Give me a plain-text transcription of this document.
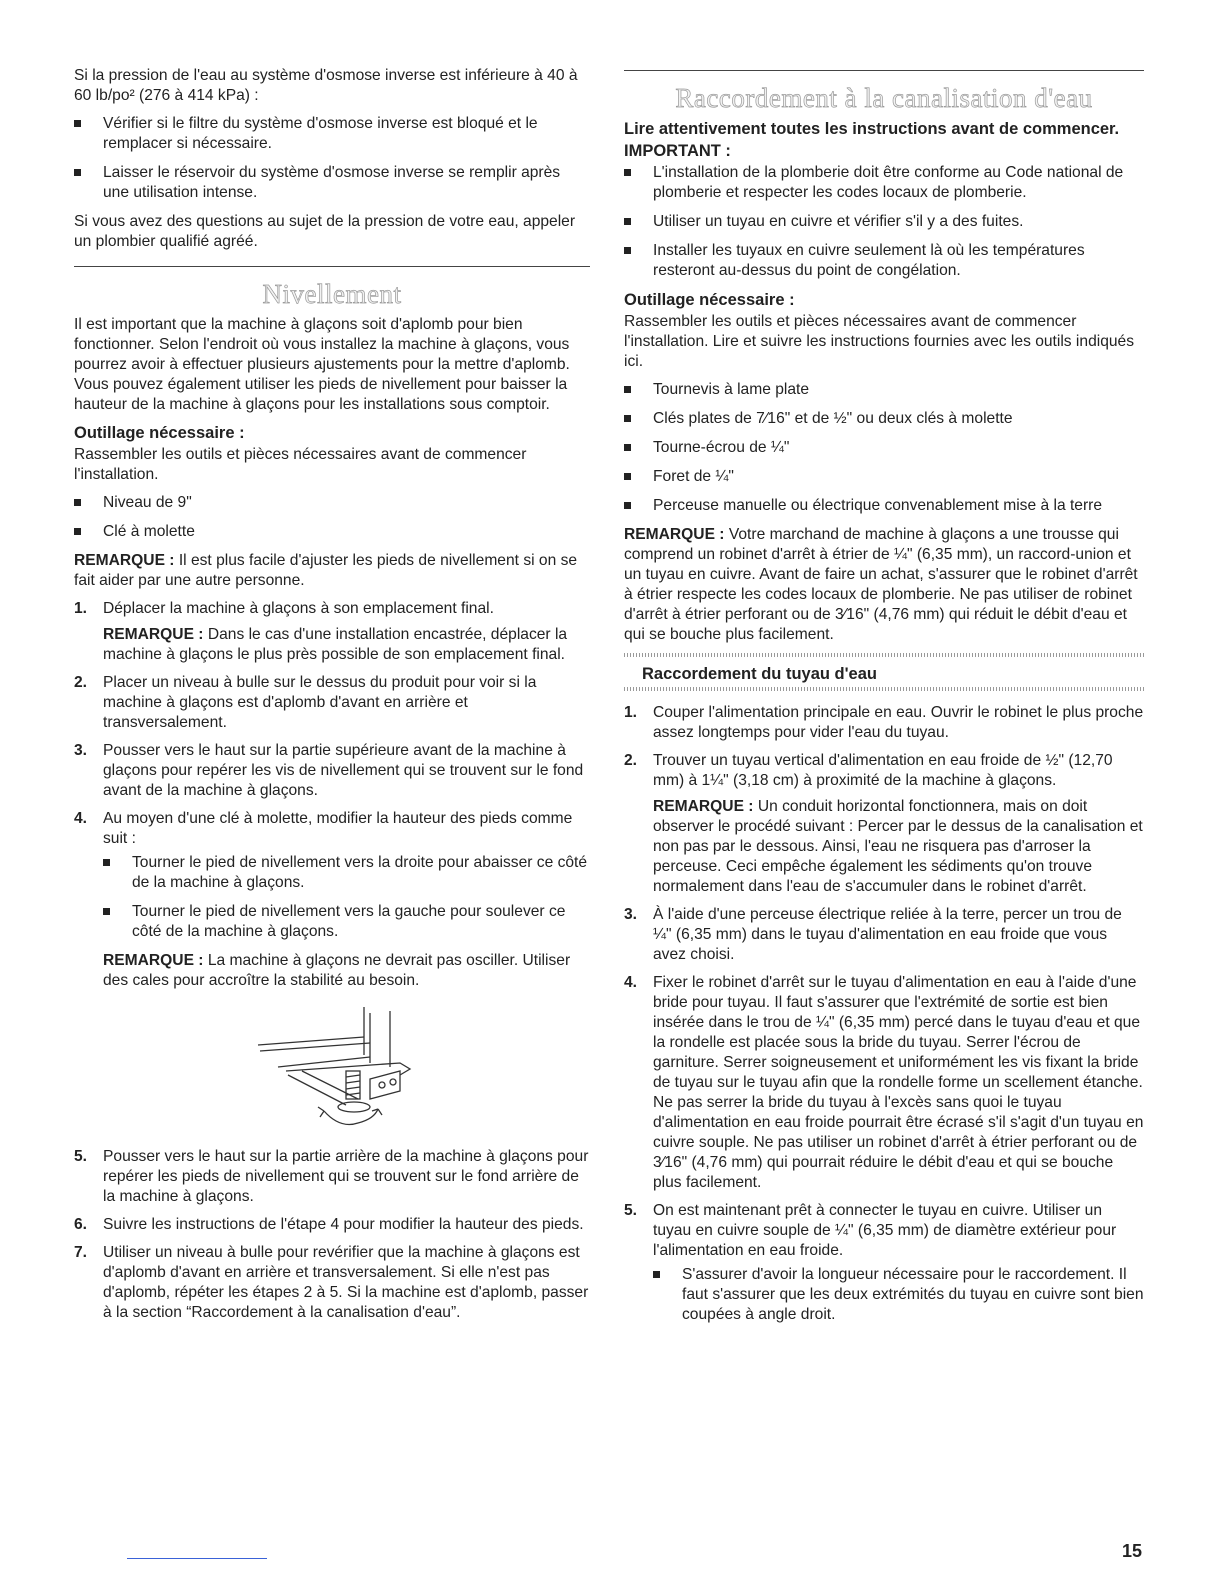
Si la pression de l'eau au système d'osmose inverse est inférieure à 40 à 60 lb/po² (276 à 414 kPa) :

Vérifier si le filtre du système d'osmose inverse est bloqué et le remplacer si nécessaire.
Laisser le réservoir du système d'osmose inverse se remplir après une utilisation intense.

Si vous avez des questions au sujet de la pression de votre eau, appeler un plombier qualifié agréé.

Nivellement

Il est important que la machine à glaçons soit d'aplomb pour bien fonctionner. Selon l'endroit où vous installez la machine à glaçons, vous pourrez avoir à effectuer plusieurs ajustements pour la mettre d'aplomb. Vous pouvez également utiliser les pieds de nivellement pour baisser la hauteur de la machine à glaçons pour les installations sous comptoir.

Outillage nécessaire :

Rassembler les outils et pièces nécessaires avant de commencer l'installation.

Niveau de 9"
Clé à molette

REMARQUE : Il est plus facile d'ajuster les pieds de nivellement si on se fait aider par une autre personne.

1. Déplacer la machine à glaçons à son emplacement final.
REMARQUE : Dans le cas d'une installation encastrée, déplacer la machine à glaçons le plus près possible de son emplacement final.
2. Placer un niveau à bulle sur le dessus du produit pour voir si la machine à glaçons est d'aplomb d'avant en arrière et transversalement.
3. Pousser vers le haut sur la partie supérieure avant de la machine à glaçons pour repérer les vis de nivellement qui se trouvent sur le fond avant de la machine à glaçons.
4. Au moyen d'une clé à molette, modifier la hauteur des pieds comme suit :
Tourner le pied de nivellement vers la droite pour abaisser ce côté de la machine à glaçons.
Tourner le pied de nivellement vers la gauche pour soulever ce côté de la machine à glaçons.
REMARQUE : La machine à glaçons ne devrait pas osciller. Utiliser des cales pour accroître la stabilité au besoin.
5. Pousser vers le haut sur la partie arrière de la machine à glaçons pour repérer les pieds de nivellement qui se trouvent sur le fond arrière de la machine à glaçons.
6. Suivre les instructions de l'étape 4 pour modifier la hauteur des pieds.
7. Utiliser un niveau à bulle pour revérifier que la machine à glaçons est d'aplomb d'avant en arrière et transversalement. Si elle n'est pas d'aplomb, répéter les étapes 2 à 5. Si la machine est d'aplomb, passer à la section “Raccordement à la canalisation d'eau”.
Raccordement à la canalisation d'eau
Lire attentivement toutes les instructions avant de commencer.
IMPORTANT :
L'installation de la plomberie doit être conforme au Code national de plomberie et respecter les codes locaux de plomberie.
Utiliser un tuyau en cuivre et vérifier s'il y a des fuites.
Installer les tuyaux en cuivre seulement là où les températures resteront au-dessus du point de congélation.
Outillage nécessaire :

Rassembler les outils et pièces nécessaires avant de commencer l'installation. Lire et suivre les instructions fournies avec les outils indiqués ici.

Tournevis à lame plate
Clés plates de 7⁄16" et de ½" ou deux clés à molette
Tourne-écrou de ¼"
Foret de ¼"
Perceuse manuelle ou électrique convenablement mise à la terre

REMARQUE : Votre marchand de machine à glaçons a une trousse qui comprend un robinet d'arrêt à étrier de ¼" (6,35 mm), un raccord-union et un tuyau en cuivre. Avant de faire un achat, s'assurer que le robinet d'arrêt à étrier respecte les codes locaux de plomberie. Ne pas utiliser de robinet d'arrêt à étrier perforant ou de 3⁄16" (4,76 mm) qui réduit le débit d'eau et qui se bouche plus facilement.

Raccordement du tuyau d'eau
1. Couper l'alimentation principale en eau. Ouvrir le robinet le plus proche assez longtemps pour vider l'eau du tuyau.
2. Trouver un tuyau vertical d'alimentation en eau froide de ½" (12,70 mm) à 1¼" (3,18 cm) à proximité de la machine à glaçons.
REMARQUE : Un conduit horizontal fonctionnera, mais on doit observer le procédé suivant : Percer par le dessus de la canalisation et non pas par le dessous. Ainsi, l'eau ne risquera pas d'arroser la perceuse. Ceci empêche également les sédiments qu'on trouve normalement dans l'eau de s'accumuler dans le robinet d'arrêt.
3. À l'aide d'une perceuse électrique reliée à la terre, percer un trou de ¼" (6,35 mm) dans le tuyau d'alimentation en eau froide que vous avez choisi.
4. Fixer le robinet d'arrêt sur le tuyau d'alimentation en eau à l'aide d'une bride pour tuyau. Il faut s'assurer que l'extrémité de sortie est bien insérée dans le trou de ¼" (6,35 mm) percé dans le tuyau d'eau et que la rondelle est placée sous la bride du tuyau. Serrer l'écrou de garniture. Serrer soigneusement et uniformément les vis fixant la bride de tuyau sur le tuyau afin que la rondelle forme un scellement étanche. Ne pas serrer la bride du tuyau à l'excès sans quoi le tuyau d'alimentation en eau froide pourrait être écrasé s'il s'agit d'un tuyau en cuivre souple. Ne pas utiliser un robinet d'arrêt à étrier perforant ou de 3⁄16" (4,76 mm) qui pourrait réduire le débit d'eau et qui se bouche plus facilement.
5. On est maintenant prêt à connecter le tuyau en cuivre. Utiliser un tuyau en cuivre souple de ¼" (6,35 mm) de diamètre extérieur pour l'alimentation en eau froide.
S'assurer d'avoir la longueur nécessaire pour le raccordement. Il faut s'assurer que les deux extrémités du tuyau en cuivre sont bien coupées à angle droit.
15
